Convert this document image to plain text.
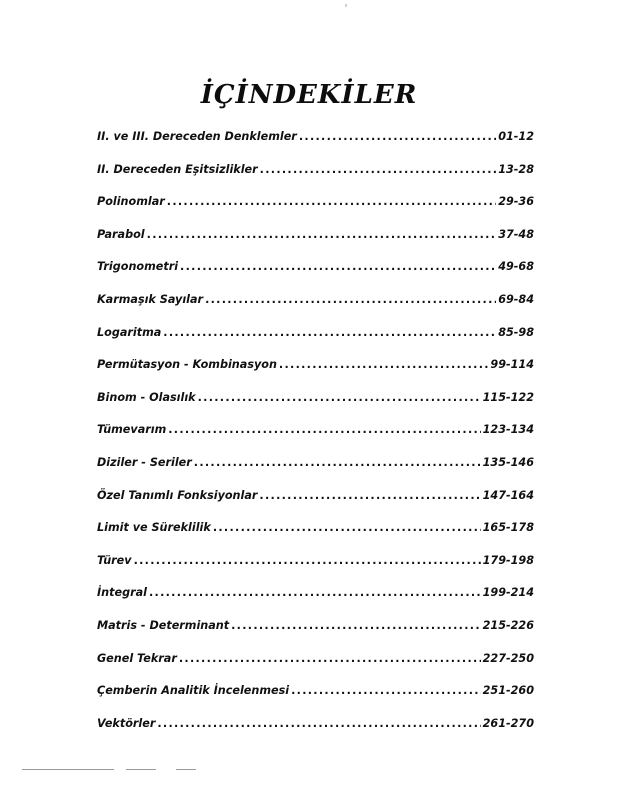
İÇİNDEKİLER
II. ve III. Dereceden Denklemler .....	01-12
II. Dereceden Eşitsizlikler .....	13-28
Polinomlar .....	29-36
Parabol .....	37-48
Trigonometri .....	49-68
Karmaşık Sayılar .....	69-84
Logaritma .....	85-98
Permütasyon - Kombinasyon .....	99-114
Binom - Olasılık .....	115-122
Tümevarım .....	123-134
Diziler - Seriler .....	135-146
Özel Tanımlı Fonksiyonlar .....	147-164
Limit ve Süreklilik .....	165-178
Türev .....	179-198
İntegral .....	199-214
Matris - Determinant .....	215-226
Genel Tekrar .....	227-250
Çemberin Analitik İncelenmesi .....	251-260
Vektörler .....	261-270
